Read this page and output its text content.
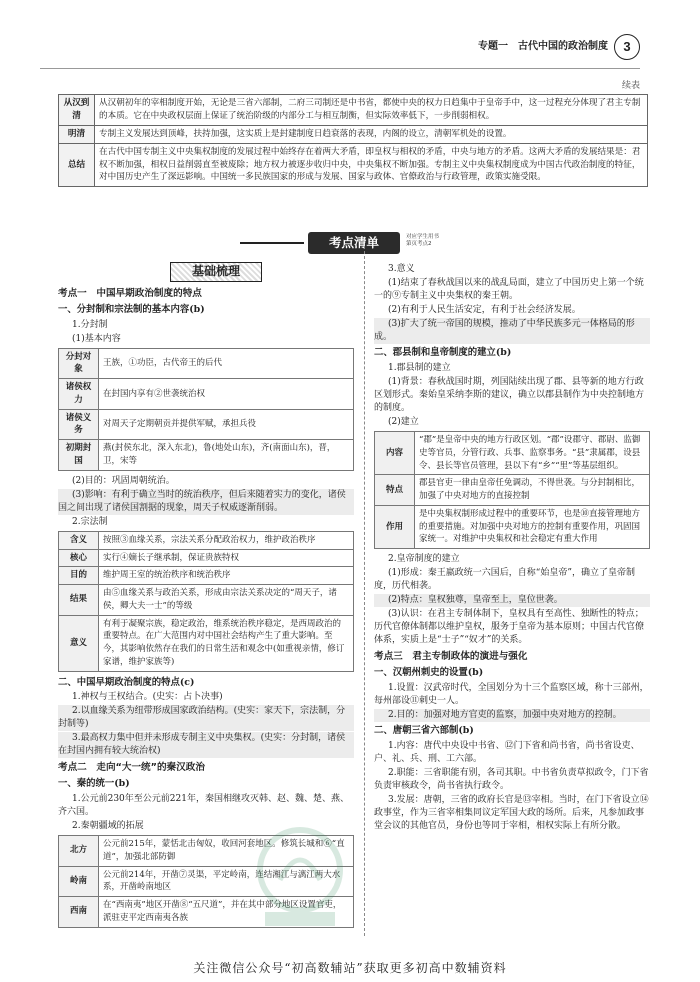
专题一　古代中国的政治制度	3
续表
从汉到清	从汉朝初年的宰相制度开始，无论是三省六部制，二府三司制还是中书省，都使中央的权力日趋集中于皇帝手中，这一过程充分体现了君主专制的本质。它在中央政权层面上保证了统治阶级的内部分工与相互制衡，但实际效率低下，一步削弱相权。
明清	专制主义发展达到顶峰，扶持加强，这实质上是封建制度日趋衰落的表现，内阁的设立，清朝军机处的设置。
总结	在古代中国专制主义中央集权制度的发展过程中始终存在着两大矛盾，即皇权与相权的矛盾，中央与地方的矛盾。这两大矛盾的发展结果是：君权不断加强，相权日益削弱直至被废除；地方权力被逐步收归中央，中央集权不断加强。专制主义中央集权制度成为中国古代政治制度的特征，对中国历史产生了深远影响。中国统一多民族国家的形成与发展、国家与政体、官僚政治与行政管理，政策实施受限。
考点清单	对应学生用书
第页考点2
基础梳理

考点一　中国早期政治制度的特点

一、分封制和宗法制的基本内容(b)

1.分封制

(1)基本内容

分封对象	王族，①功臣，古代帝王的后代
诸侯权力	在封国内享有②世袭统治权
诸侯义务	对周天子定期朝贡并提供军赋，承担兵役
初期封国	燕(封侯东北，深入东北)，鲁(地处山东)，齐(南面山东)，晋，卫，宋等

(2)目的：巩固周朝统治。

(3)影响：有利于确立当时的统治秩序，但后来随着实力的变化，诸侯国之间出现了诸侯国割据的现象，周天子权威逐渐削弱。

2.宗法制

含义	按照③血缘关系，宗法关系分配政治权力，维护政治秩序
核心	实行④嫡长子继承制，保证贵族特权
目的	维护周王室的统治秩序和统治秩序
结果	由⑤血缘关系与政治关系，形成由宗法关系决定的“周天子，诸侯，卿大夫一士”的等级
意义	有利于凝聚宗族，稳定政治，维系统治秩序稳定，是西周政治的重要特点。在广大范围内对中国社会结构产生了重大影响。至今，其影响依然存在我们的日常生活和观念中(如重视亲情，修订家谱，维护家族等)

二、中国早期政治制度的特点(c)

1.神权与王权结合。(史实：占卜决事)

2.以血缘关系为纽带形成国家政治结构。(史实：家天下，宗法制，分封制等)

3.最高权力集中但并未形成专制主义中央集权。(史实：分封制，诸侯在封国内拥有较大统治权)

考点二　走向“大一统”的秦汉政治

一、秦的统一(b)

1.公元前230年至公元前221年，秦国相继攻灭韩、赵、魏、楚、燕、齐六国。

2.秦朝疆域的拓展

北方	公元前215年，蒙恬北击匈奴，收回河套地区。修筑长城和⑥“直道”，加强北部防御
岭南	公元前214年，开凿⑦灵渠，平定岭南，连结湘江与漓江两大水系，开凿岭南地区
西南	在“西南夷”地区开凿⑧“五尺道”，并在其中部分地区设置官吏，派驻吏平定西南夷各族

3.意义

(1)结束了春秋战国以来的战乱局面，建立了中国历史上第一个统一的⑨专制主义中央集权的秦王朝。

(2)有利于人民生活安定，有利于社会经济发展。

(3)扩大了统一帝国的规模，推动了中华民族多元一体格局的形成。

二、郡县制和皇帝制度的建立(b)

1.郡县制的建立

(1)背景：春秋战国时期，列国陆续出现了郡、县等新的地方行政区划形式。秦始皇采纳李斯的建议，确立以郡县制作为中央控制地方的制度。

(2)建立

内容	“郡”是皇帝中央的地方行政区划。“郡”设郡守、郡尉、监御史等官员，分管行政、兵事、监察事务。“县”隶属郡，设县令、县长等官员管理，县以下有“乡”“里”等基层组织。
特点	郡县官吏一律由皇帝任免调动，不得世袭。与分封制相比，加强了中央对地方的直接控制
作用	是中央集权制形成过程中的重要环节，也是⑩直接管理地方的重要措施。对加强中央对地方的控制有重要作用，巩固国家统一。对维护中央集权和社会稳定有重大作用

2.皇帝制度的建立

(1)形成：秦王嬴政统一六国后，自称“始皇帝”，确立了皇帝制度，历代相袭。

(2)特点：皇权独尊，皇帝至上，皇位世袭。

(3)认识：在君主专制体制下，皇权具有至高性、独断性的特点；历代官僚体制都以维护皇权，服务于皇帝为基本原则；中国古代官僚体系，实质上是“士子”“奴才”的关系。

考点三　君主专制政体的演进与强化

一、汉朝州刺史的设置(b)

1.设置：汉武帝时代，全国划分为十三个监察区域，称十三部州，每州部设⑪刺史一人。

2.目的：加强对地方官吏的监察，加强中央对地方的控制。

二、唐朝三省六部制(b)

1.内容：唐代中央设中书省、⑫门下省和尚书省，尚书省设吏、户、礼、兵、刑、工六部。

2.职能：三省职能有别，各司其职。中书省负责草拟政令，门下省负责审核政令，尚书省执行政令。

3.发展：唐朝，三省的政府长官是⑬宰相。当时，在门下省设立⑭政事堂，作为三省宰相集同议定军国大政的场所。后来，凡参加政事堂会议的其他官员，身份也等同于宰相，相权实际上有所分散。

关注微信公众号“初高数辅站”获取更多初高中数辅资料
